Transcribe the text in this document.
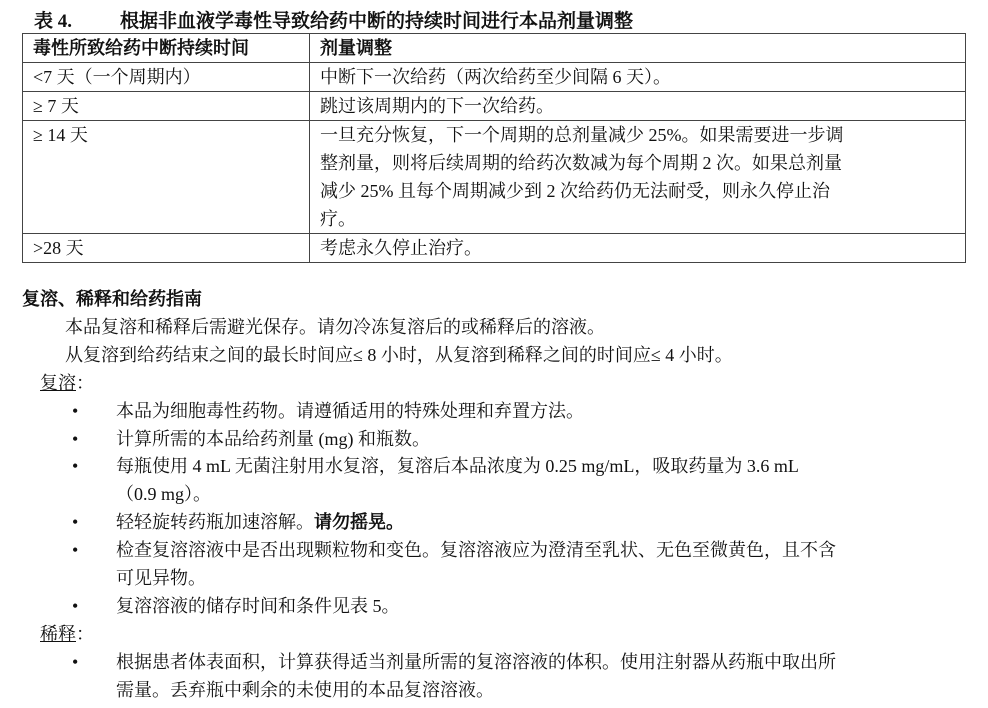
表 4.	根据非血液学毒性导致给药中断的持续时间进行本品剂量调整
毒性所致给药中断持续时间	剂量调整
<7 天（一个周期内）	中断下一次给药（两次给药至少间隔 6 天）。

≥ 7 天	跳过该周期内的下一次给药。

≥ 14 天	一旦充分恢复，下一个周期的总剂量减少 25%。如果需要进一步调
整剂量，则将后续周期的给药次数减为每个周期 2 次。如果总剂量
减少 25% 且每个周期减少到 2 次给药仍无法耐受，则永久停止治
疗。

>28 天	考虑永久停止治疗。
复溶、稀释和给药指南
本品复溶和稀释后需避光保存。请勿冷冻复溶后的或稀释后的溶液。
从复溶到给药结束之间的最长时间应≤ 8 小时，从复溶到稀释之间的时间应≤ 4 小时。
复溶：
• 本品为细胞毒性药物。请遵循适用的特殊处理和弃置方法。
• 计算所需的本品给药剂量 (mg) 和瓶数。
• 每瓶使用 4 mL 无菌注射用水复溶，复溶后本品浓度为 0.25 mg/mL，吸取药量为 3.6 mL
（0.9 mg）。
• 轻轻旋转药瓶加速溶解。请勿摇晃。
• 检查复溶溶液中是否出现颗粒物和变色。复溶溶液应为澄清至乳状、无色至微黄色，且不含
可见异物。
• 复溶溶液的储存时间和条件见表 5。
稀释：
• 根据患者体表面积，计算获得适当剂量所需的复溶溶液的体积。使用注射器从药瓶中取出所
需量。丢弃瓶中剩余的未使用的本品复溶溶液。
